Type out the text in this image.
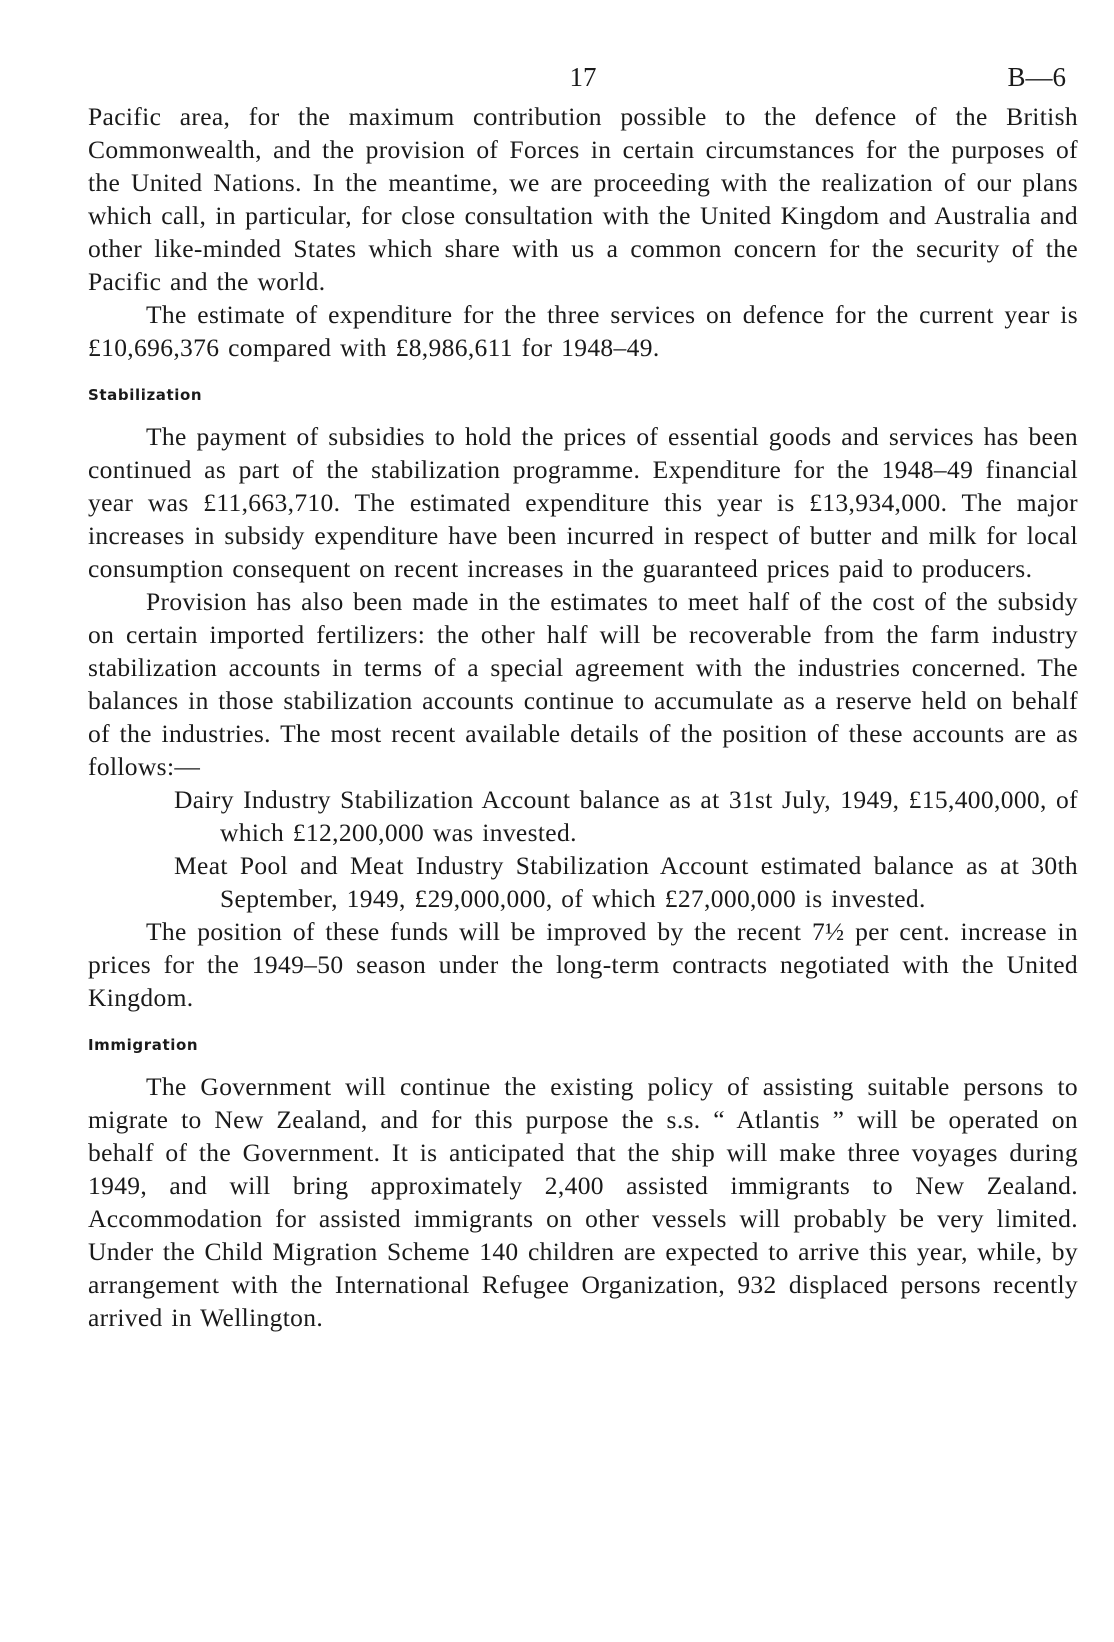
17	B—6

Pacific area, for the maximum contribution possible to the defence of the British Commonwealth, and the provision of Forces in certain circumstances for the purposes of the United Nations. In the meantime, we are proceeding with the realization of our plans which call, in particular, for close consultation with the United Kingdom and Australia and other like-minded States which share with us a common concern for the security of the Pacific and the world.

The estimate of expenditure for the three services on defence for the current year is £10,696,376 compared with £8,986,611 for 1948–49.

Stabilization

The payment of subsidies to hold the prices of essential goods and services has been continued as part of the stabilization programme. Expenditure for the 1948–49 financial year was £11,663,710. The estimated expenditure this year is £13,934,000. The major increases in subsidy expenditure have been incurred in respect of butter and milk for local consumption consequent on recent increases in the guaranteed prices paid to producers.

Provision has also been made in the estimates to meet half of the cost of the subsidy on certain imported fertilizers: the other half will be recoverable from the farm industry stabilization accounts in terms of a special agreement with the industries concerned. The balances in those stabilization accounts continue to accumulate as a reserve held on behalf of the industries. The most recent available details of the position of these accounts are as follows:—

Dairy Industry Stabilization Account balance as at 31st July, 1949, £15,400,000, of which £12,200,000 was invested.

Meat Pool and Meat Industry Stabilization Account estimated balance as at 30th September, 1949, £29,000,000, of which £27,000,000 is invested.

The position of these funds will be improved by the recent 7½ per cent. increase in prices for the 1949–50 season under the long-term contracts negotiated with the United Kingdom.

Immigration

The Government will continue the existing policy of assisting suitable persons to migrate to New Zealand, and for this purpose the s.s. “ Atlantis ” will be operated on behalf of the Government. It is anticipated that the ship will make three voyages during 1949, and will bring approximately 2,400 assisted immigrants to New Zealand. Accommodation for assisted immigrants on other vessels will probably be very limited. Under the Child Migration Scheme 140 children are expected to arrive this year, while, by arrangement with the International Refugee Organization, 932 displaced persons recently arrived in Wellington.
